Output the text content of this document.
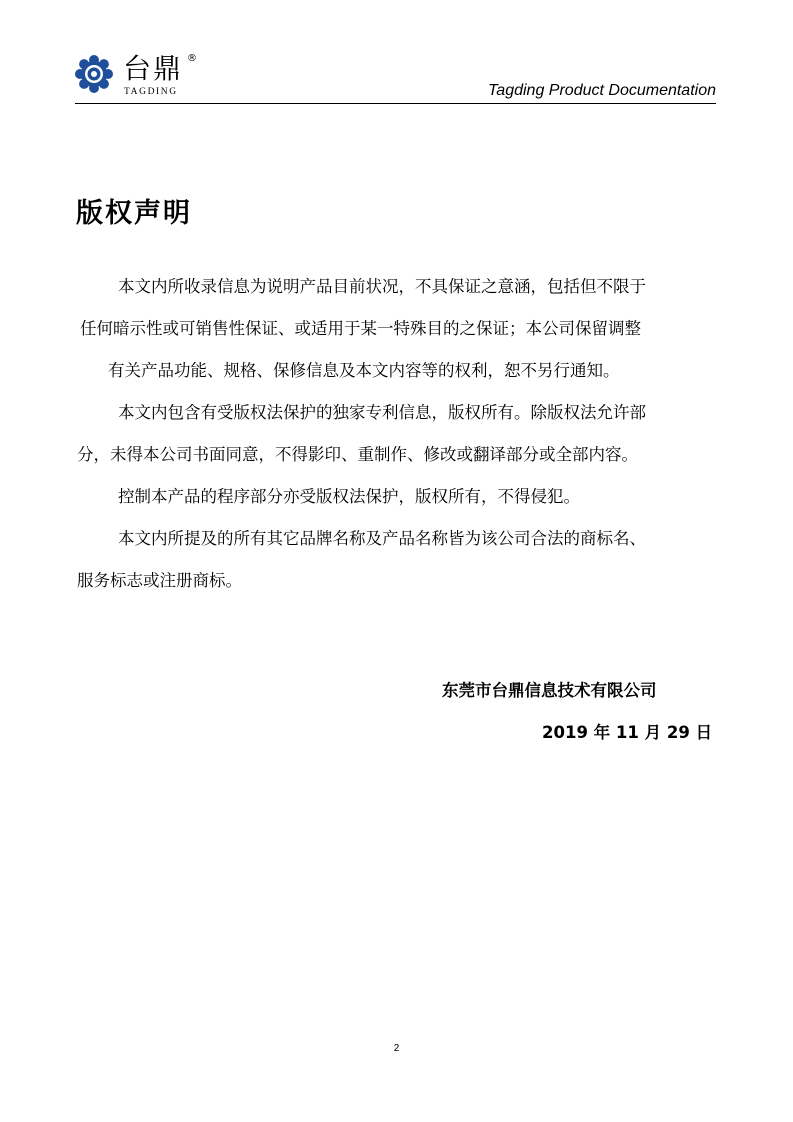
台鼎 ®
TAGDING	Tagding Product Documentation
版权声明
本文内所收录信息为说明产品目前状况，不具保证之意涵，包括但不限于
任何暗示性或可销售性保证、或适用于某一特殊目的之保证；本公司保留调整
有关产品功能、规格、保修信息及本文内容等的权利，恕不另行通知。
本文内包含有受版权法保护的独家专利信息，版权所有。除版权法允许部
分，未得本公司书面同意，不得影印、重制作、修改或翻译部分或全部内容。
控制本产品的程序部分亦受版权法保护，版权所有，不得侵犯。
本文内所提及的所有其它品牌名称及产品名称皆为该公司合法的商标名、
服务标志或注册商标。
东莞市台鼎信息技术有限公司
2019 年 11 月 29 日
2
